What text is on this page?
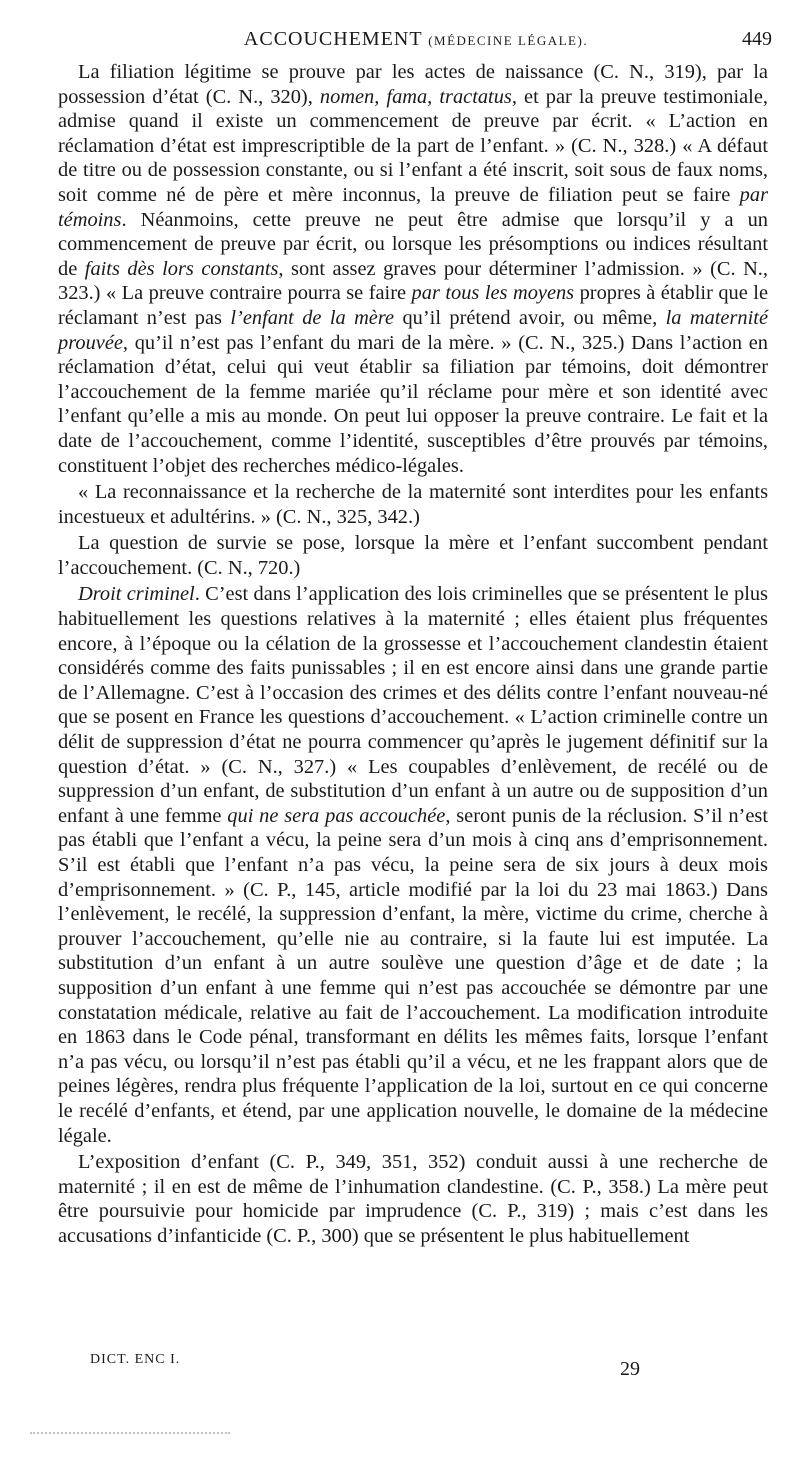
ACCOUCHEMENT (MÉDECINE LÉGALE).	449

La filiation légitime se prouve par les actes de naissance (C. N., 319), par la possession d’état (C. N., 320), nomen, fama, tractatus, et par la preuve testimoniale, admise quand il existe un commencement de preuve par écrit. « L’action en réclamation d’état est imprescriptible de la part de l’enfant. » (C. N., 328.) « A défaut de titre ou de possession constante, ou si l’enfant a été inscrit, soit sous de faux noms, soit comme né de père et mère inconnus, la preuve de filiation peut se faire par témoins. Néanmoins, cette preuve ne peut être admise que lorsqu’il y a un commencement de preuve par écrit, ou lorsque les présomptions ou indices résultant de faits dès lors constants, sont assez graves pour déterminer l’admission. » (C. N., 323.) « La preuve contraire pourra se faire par tous les moyens propres à établir que le réclamant n’est pas l’enfant de la mère qu’il prétend avoir, ou même, la maternité prouvée, qu’il n’est pas l’enfant du mari de la mère. » (C. N., 325.) Dans l’action en réclamation d’état, celui qui veut établir sa filiation par témoins, doit démontrer l’accouchement de la femme mariée qu’il réclame pour mère et son identité avec l’enfant qu’elle a mis au monde. On peut lui opposer la preuve contraire. Le fait et la date de l’accouchement, comme l’identité, susceptibles d’être prouvés par témoins, constituent l’objet des recherches médico-légales.

« La reconnaissance et la recherche de la maternité sont interdites pour les enfants incestueux et adultérins. » (C. N., 325, 342.)

La question de survie se pose, lorsque la mère et l’enfant succombent pendant l’accouchement. (C. N., 720.)

Droit criminel. C’est dans l’application des lois criminelles que se présentent le plus habituellement les questions relatives à la maternité ; elles étaient plus fréquentes encore, à l’époque ou la célation de la grossesse et l’accouchement clandestin étaient considérés comme des faits punissables ; il en est encore ainsi dans une grande partie de l’Allemagne. C’est à l’occasion des crimes et des délits contre l’enfant nouveau-né que se posent en France les questions d’accouchement. « L’action criminelle contre un délit de suppression d’état ne pourra commencer qu’après le jugement définitif sur la question d’état. » (C. N., 327.) « Les coupables d’enlèvement, de recélé ou de suppression d’un enfant, de substitution d’un enfant à un autre ou de supposition d’un enfant à une femme qui ne sera pas accouchée, seront punis de la réclusion. S’il n’est pas établi que l’enfant a vécu, la peine sera d’un mois à cinq ans d’emprisonnement. S’il est établi que l’enfant n’a pas vécu, la peine sera de six jours à deux mois d’emprisonnement. » (C. P., 145, article modifié par la loi du 23 mai 1863.) Dans l’enlèvement, le recélé, la suppression d’enfant, la mère, victime du crime, cherche à prouver l’accouchement, qu’elle nie au contraire, si la faute lui est imputée. La substitution d’un enfant à un autre soulève une question d’âge et de date ; la supposition d’un enfant à une femme qui n’est pas accouchée se démontre par une constatation médicale, relative au fait de l’accouchement. La modification introduite en 1863 dans le Code pénal, transformant en délits les mêmes faits, lorsque l’enfant n’a pas vécu, ou lorsqu’il n’est pas établi qu’il a vécu, et ne les frappant alors que de peines légères, rendra plus fréquente l’application de la loi, surtout en ce qui concerne le recélé d’enfants, et étend, par une application nouvelle, le domaine de la médecine légale.

L’exposition d’enfant (C. P., 349, 351, 352) conduit aussi à une recherche de maternité ; il en est de même de l’inhumation clandestine. (C. P., 358.) La mère peut être poursuivie pour homicide par imprudence (C. P., 319) ; mais c’est dans les accusations d’infanticide (C. P., 300) que se présentent le plus habituellement

DICT. ENC I.	29
